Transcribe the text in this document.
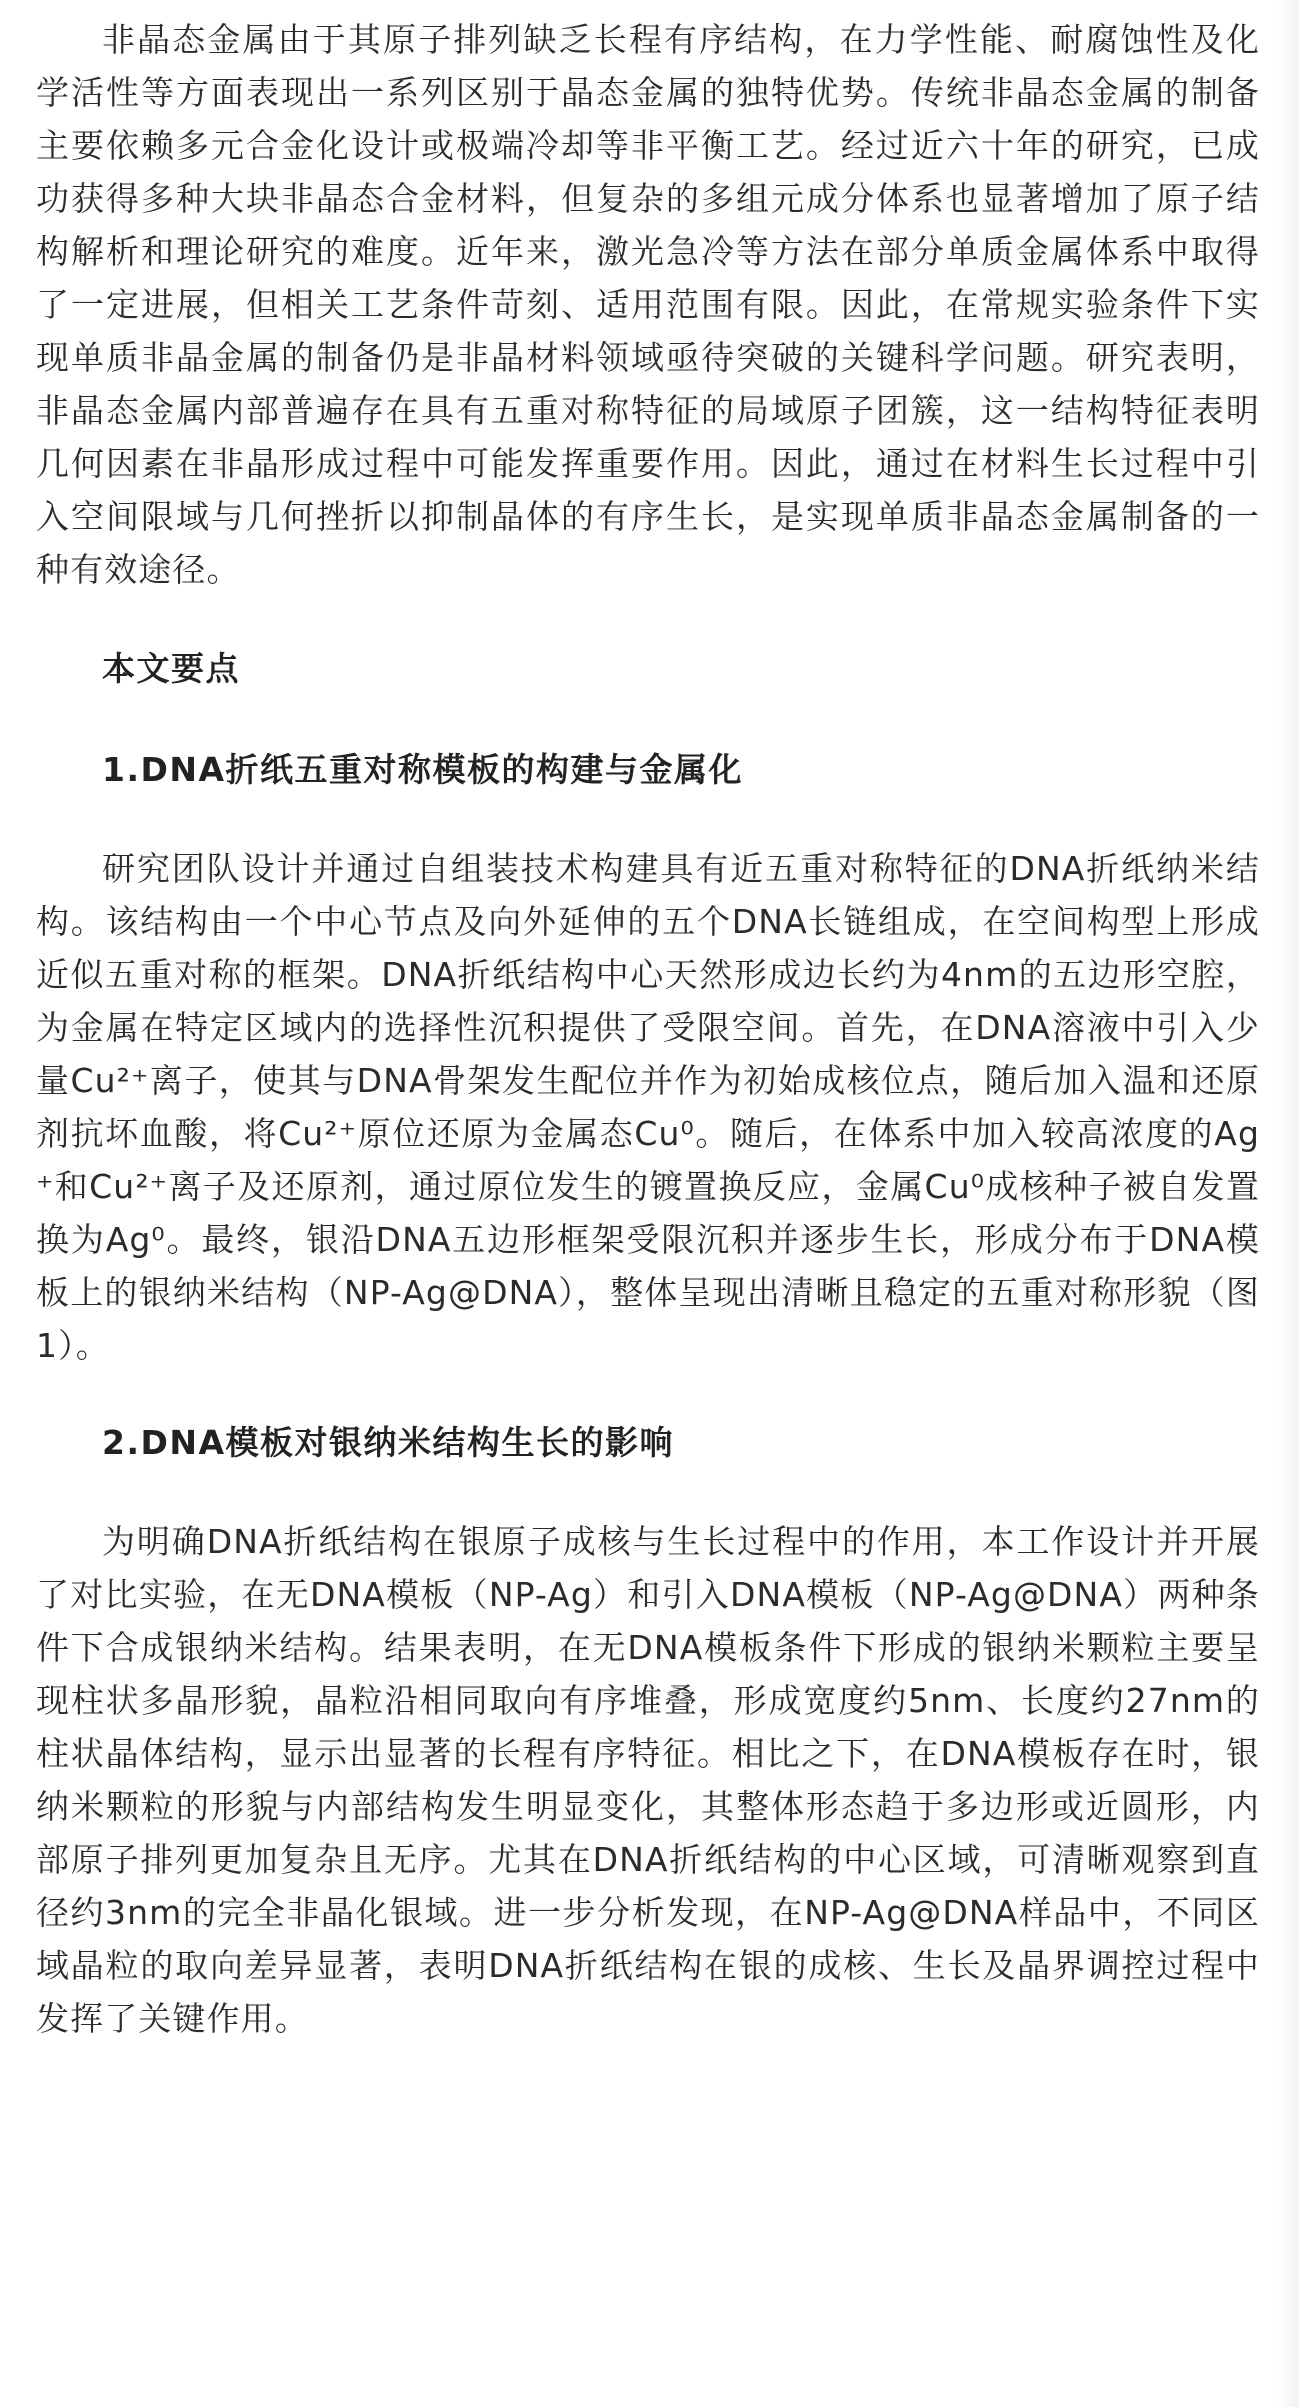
非晶态金属由于其原子排列缺乏长程有序结构，在力学性能、耐腐蚀性及化学活性等方面表现出一系列区别于晶态金属的独特优势。传统非晶态金属的制备主要依赖多元合金化设计或极端冷却等非平衡工艺。经过近六十年的研究，已成功获得多种大块非晶态合金材料，但复杂的多组元成分体系也显著增加了原子结构解析和理论研究的难度。近年来，激光急冷等方法在部分单质金属体系中取得了一定进展，但相关工艺条件苛刻、适用范围有限。因此，在常规实验条件下实现单质非晶金属的制备仍是非晶材料领域亟待突破的关键科学问题。研究表明，非晶态金属内部普遍存在具有五重对称特征的局域原子团簇，这一结构特征表明几何因素在非晶形成过程中可能发挥重要作用。因此，通过在材料生长过程中引入空间限域与几何挫折以抑制晶体的有序生长，是实现单质非晶态金属制备的一种有效途径。

本文要点
1.DNA折纸五重对称模板的构建与金属化

研究团队设计并通过自组装技术构建具有近五重对称特征的DNA折纸纳米结构。该结构由一个中心节点及向外延伸的五个DNA长链组成，在空间构型上形成近似五重对称的框架。DNA折纸结构中心天然形成边长约为4nm的五边形空腔，为金属在特定区域内的选择性沉积提供了受限空间。首先，在DNA溶液中引入少量Cu²⁺离子，使其与DNA骨架发生配位并作为初始成核位点，随后加入温和还原剂抗坏血酸，将Cu²⁺原位还原为金属态Cu⁰。随后，在体系中加入较高浓度的Ag⁺和Cu²⁺离子及还原剂，通过原位发生的镀置换反应，金属Cu⁰成核种子被自发置换为Ag⁰。最终，银沿DNA五边形框架受限沉积并逐步生长，形成分布于DNA模板上的银纳米结构（NP-Ag@DNA），整体呈现出清晰且稳定的五重对称形貌（图1）。

2.DNA模板对银纳米结构生长的影响

为明确DNA折纸结构在银原子成核与生长过程中的作用，本工作设计并开展了对比实验，在无DNA模板（NP-Ag）和引入DNA模板（NP-Ag@DNA）两种条件下合成银纳米结构。结果表明，在无DNA模板条件下形成的银纳米颗粒主要呈现柱状多晶形貌，晶粒沿相同取向有序堆叠，形成宽度约5nm、长度约27nm的柱状晶体结构，显示出显著的长程有序特征。相比之下，在DNA模板存在时，银纳米颗粒的形貌与内部结构发生明显变化，其整体形态趋于多边形或近圆形，内部原子排列更加复杂且无序。尤其在DNA折纸结构的中心区域，可清晰观察到直径约3nm的完全非晶化银域。进一步分析发现，在NP-Ag@DNA样品中，不同区域晶粒的取向差异显著，表明DNA折纸结构在银的成核、生长及晶界调控过程中发挥了关键作用。
